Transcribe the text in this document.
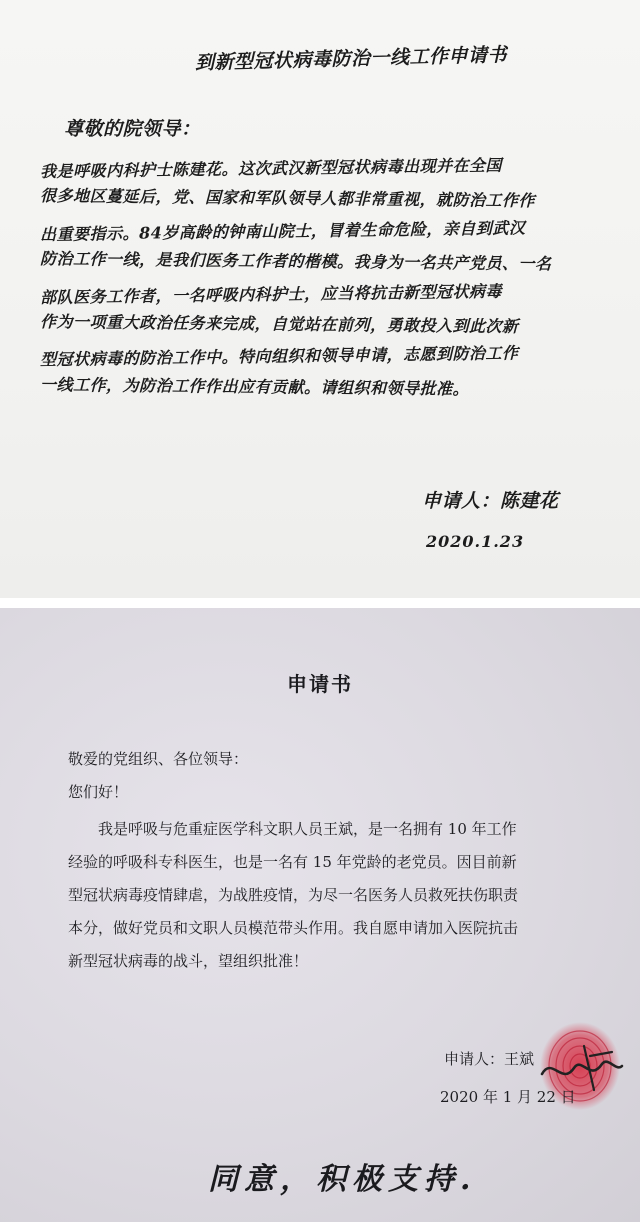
到新型冠状病毒防治一线工作申请书
尊敬的院领导：
我是呼吸内科护士陈建花。这次武汉新型冠状病毒出现并在全国
很多地区蔓延后，党、国家和军队领导人都非常重视，就防治工作作
出重要指示。84岁高龄的钟南山院士，冒着生命危险，亲自到武汉
防治工作一线，是我们医务工作者的楷模。我身为一名共产党员、一名
部队医务工作者，一名呼吸内科护士，应当将抗击新型冠状病毒
作为一项重大政治任务来完成，自觉站在前列，勇敢投入到此次新
型冠状病毒的防治工作中。特向组织和领导申请，志愿到防治工作
一线工作，为防治工作作出应有贡献。请组织和领导批准。
申请人：陈建花
2020.1.23
申请书
敬爱的党组织、各位领导：
您们好！
我是呼吸与危重症医学科文职人员王斌，是一名拥有 10 年工作
经验的呼吸科专科医生，也是一名有 15 年党龄的老党员。因目前新
型冠状病毒疫情肆虐，为战胜疫情，为尽一名医务人员救死扶伤职责
本分，做好党员和文职人员模范带头作用。我自愿申请加入医院抗击
新型冠状病毒的战斗，望组织批准！
申请人：王斌
2020 年 1 月 22 日
同意，积极支持.
